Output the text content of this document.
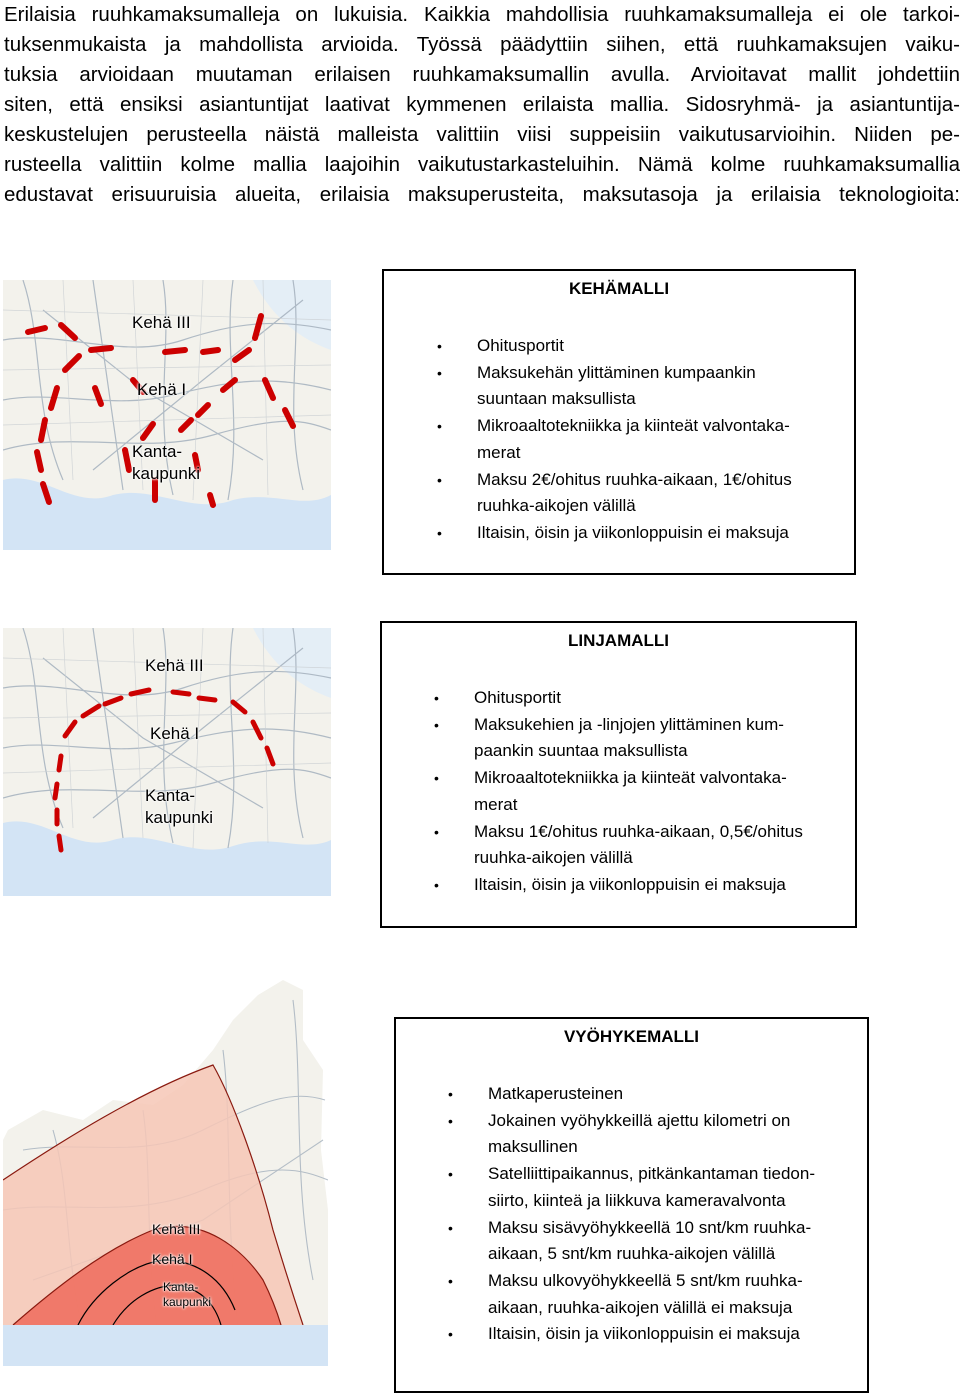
Erilaisia ruuhkamaksumalleja on lukuisia. Kaikkia mahdollisia ruuhkamaksumalleja ei ole tarkoi-
tuksenmukaista ja mahdollista arvioida. Työssä päädyttiin siihen, että ruuhkamaksujen vaiku-
tuksia arvioidaan muutaman erilaisen ruuhkamaksumallin avulla. Arvioitavat mallit johdettiin
siten, että ensiksi asiantuntijat laativat kymmenen erilaista mallia. Sidosryhmä- ja asiantuntija-
keskustelujen perusteella näistä malleista valittiin viisi suppeisiin vaikutusarvioihin. Niiden pe-
rusteella valittiin kolme mallia laajoihin vaikutustarkasteluihin. Nämä kolme ruuhkamaksumallia
edustavat erisuuruisia alueita, erilaisia maksuperusteita, maksutasoja ja erilaisia teknologioita:
Kehä III
Kehä I
Kanta-
kaupunki
KEHÄMALLI
• Ohitusportit
• Maksukehän ylittäminen kumpaankin
suuntaan maksullista
• Mikroaaltotekniikka ja kiinteät valvontaka-
merat
• Maksu 2€/ohitus ruuhka-aikaan, 1€/ohitus
ruuhka-aikojen välillä
• Iltaisin, öisin ja viikonloppuisin ei maksuja
Kehä III
Kehä I
Kanta-
kaupunki
LINJAMALLI
• Ohitusportit
• Maksukehien ja -linjojen ylittäminen kum-
paankin suuntaa maksullista
• Mikroaaltotekniikka ja kiinteät valvontaka-
merat
• Maksu 1€/ohitus ruuhka-aikaan, 0,5€/ohitus
ruuhka-aikojen välillä
• Iltaisin, öisin ja viikonloppuisin ei maksuja
Kehä III
Kehä I
Kanta-
kaupunki
VYÖHYKEMALLI
• Matkaperusteinen
• Jokainen vyöhykkeillä ajettu kilometri on
maksullinen
• Satelliittipaikannus, pitkänkantaman tiedon-
siirto, kiinteä ja liikkuva kameravalvonta
• Maksu sisävyöhykkeellä 10 snt/km ruuhka-
aikaan, 5 snt/km ruuhka-aikojen välillä
• Maksu ulkovyöhykkeellä 5 snt/km ruuhka-
aikaan, ruuhka-aikojen välillä ei maksuja
• Iltaisin, öisin ja viikonloppuisin ei maksuja
